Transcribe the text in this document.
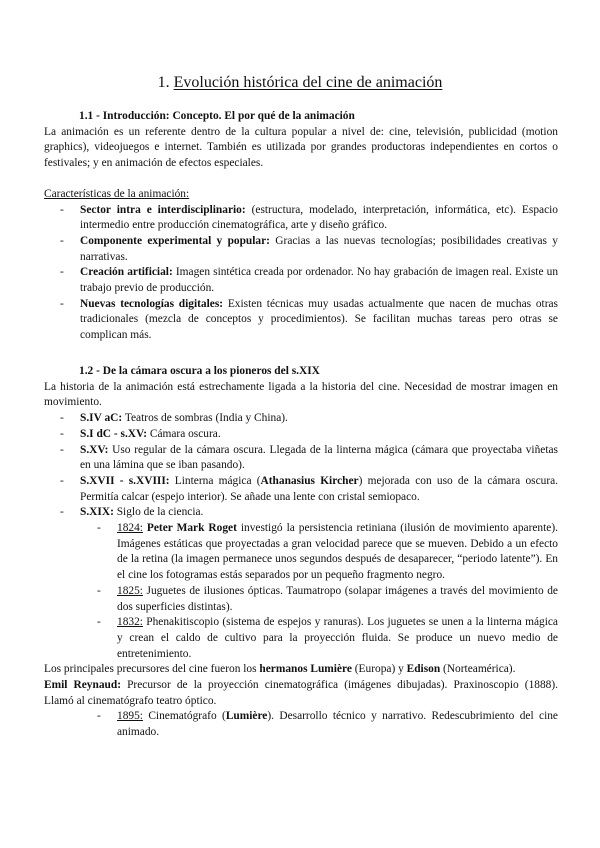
1. Evolución histórica del cine de animación
1.1 - Introducción: Concepto. El por qué de la animación
La animación es un referente dentro de la cultura popular a nivel de: cine, televisión, publicidad (motion graphics), videojuegos e internet. También es utilizada por grandes productoras independientes en cortos o festivales; y en animación de efectos especiales.
Características de la animación:
- Sector intra e interdisciplinario: (estructura, modelado, interpretación, informática, etc). Espacio intermedio entre producción cinematográfica, arte y diseño gráfico.
- Componente experimental y popular: Gracias a las nuevas tecnologías; posibilidades creativas y narrativas.
- Creación artificial: Imagen sintética creada por ordenador. No hay grabación de imagen real. Existe un trabajo previo de producción.
- Nuevas tecnologías digitales: Existen técnicas muy usadas actualmente que nacen de muchas otras tradicionales (mezcla de conceptos y procedimientos). Se facilitan muchas tareas pero otras se complican más.
1.2 - De la cámara oscura a los pioneros del s.XIX
La historia de la animación está estrechamente ligada a la historia del cine. Necesidad de mostrar imagen en movimiento.
- S.IV aC: Teatros de sombras (India y China).
- S.I dC - s.XV: Cámara oscura.
- S.XV: Uso regular de la cámara oscura. Llegada de la linterna mágica (cámara que proyectaba viñetas en una lámina que se iban pasando).
- S.XVII - s.XVIII: Linterna mágica (Athanasius Kircher) mejorada con uso de la cámara oscura. Permitía calcar (espejo interior). Se añade una lente con cristal semiopaco.
- S.XIX: Siglo de la ciencia.
- 1824: Peter Mark Roget investigó la persistencia retiniana (ilusión de movimiento aparente). Imágenes estáticas que proyectadas a gran velocidad parece que se mueven. Debido a un efecto de la retina (la imagen permanece unos segundos después de desaparecer, “periodo latente”). En el cine los fotogramas estás separados por un pequeño fragmento negro.
- 1825: Juguetes de ilusiones ópticas. Taumatropo (solapar imágenes a través del movimiento de dos superficies distintas).
- 1832: Phenakitiscopio (sistema de espejos y ranuras). Los juguetes se unen a la linterna mágica y crean el caldo de cultivo para la proyección fluida. Se produce un nuevo medio de entretenimiento.
Los principales precursores del cine fueron los hermanos Lumière (Europa) y Edison (Norteamérica).
Emil Reynaud: Precursor de la proyección cinematográfica (imágenes dibujadas). Praxinoscopio (1888). Llamó al cinematógrafo teatro óptico.
- 1895: Cinematógrafo (Lumière). Desarrollo técnico y narrativo. Redescubrimiento del cine animado.
